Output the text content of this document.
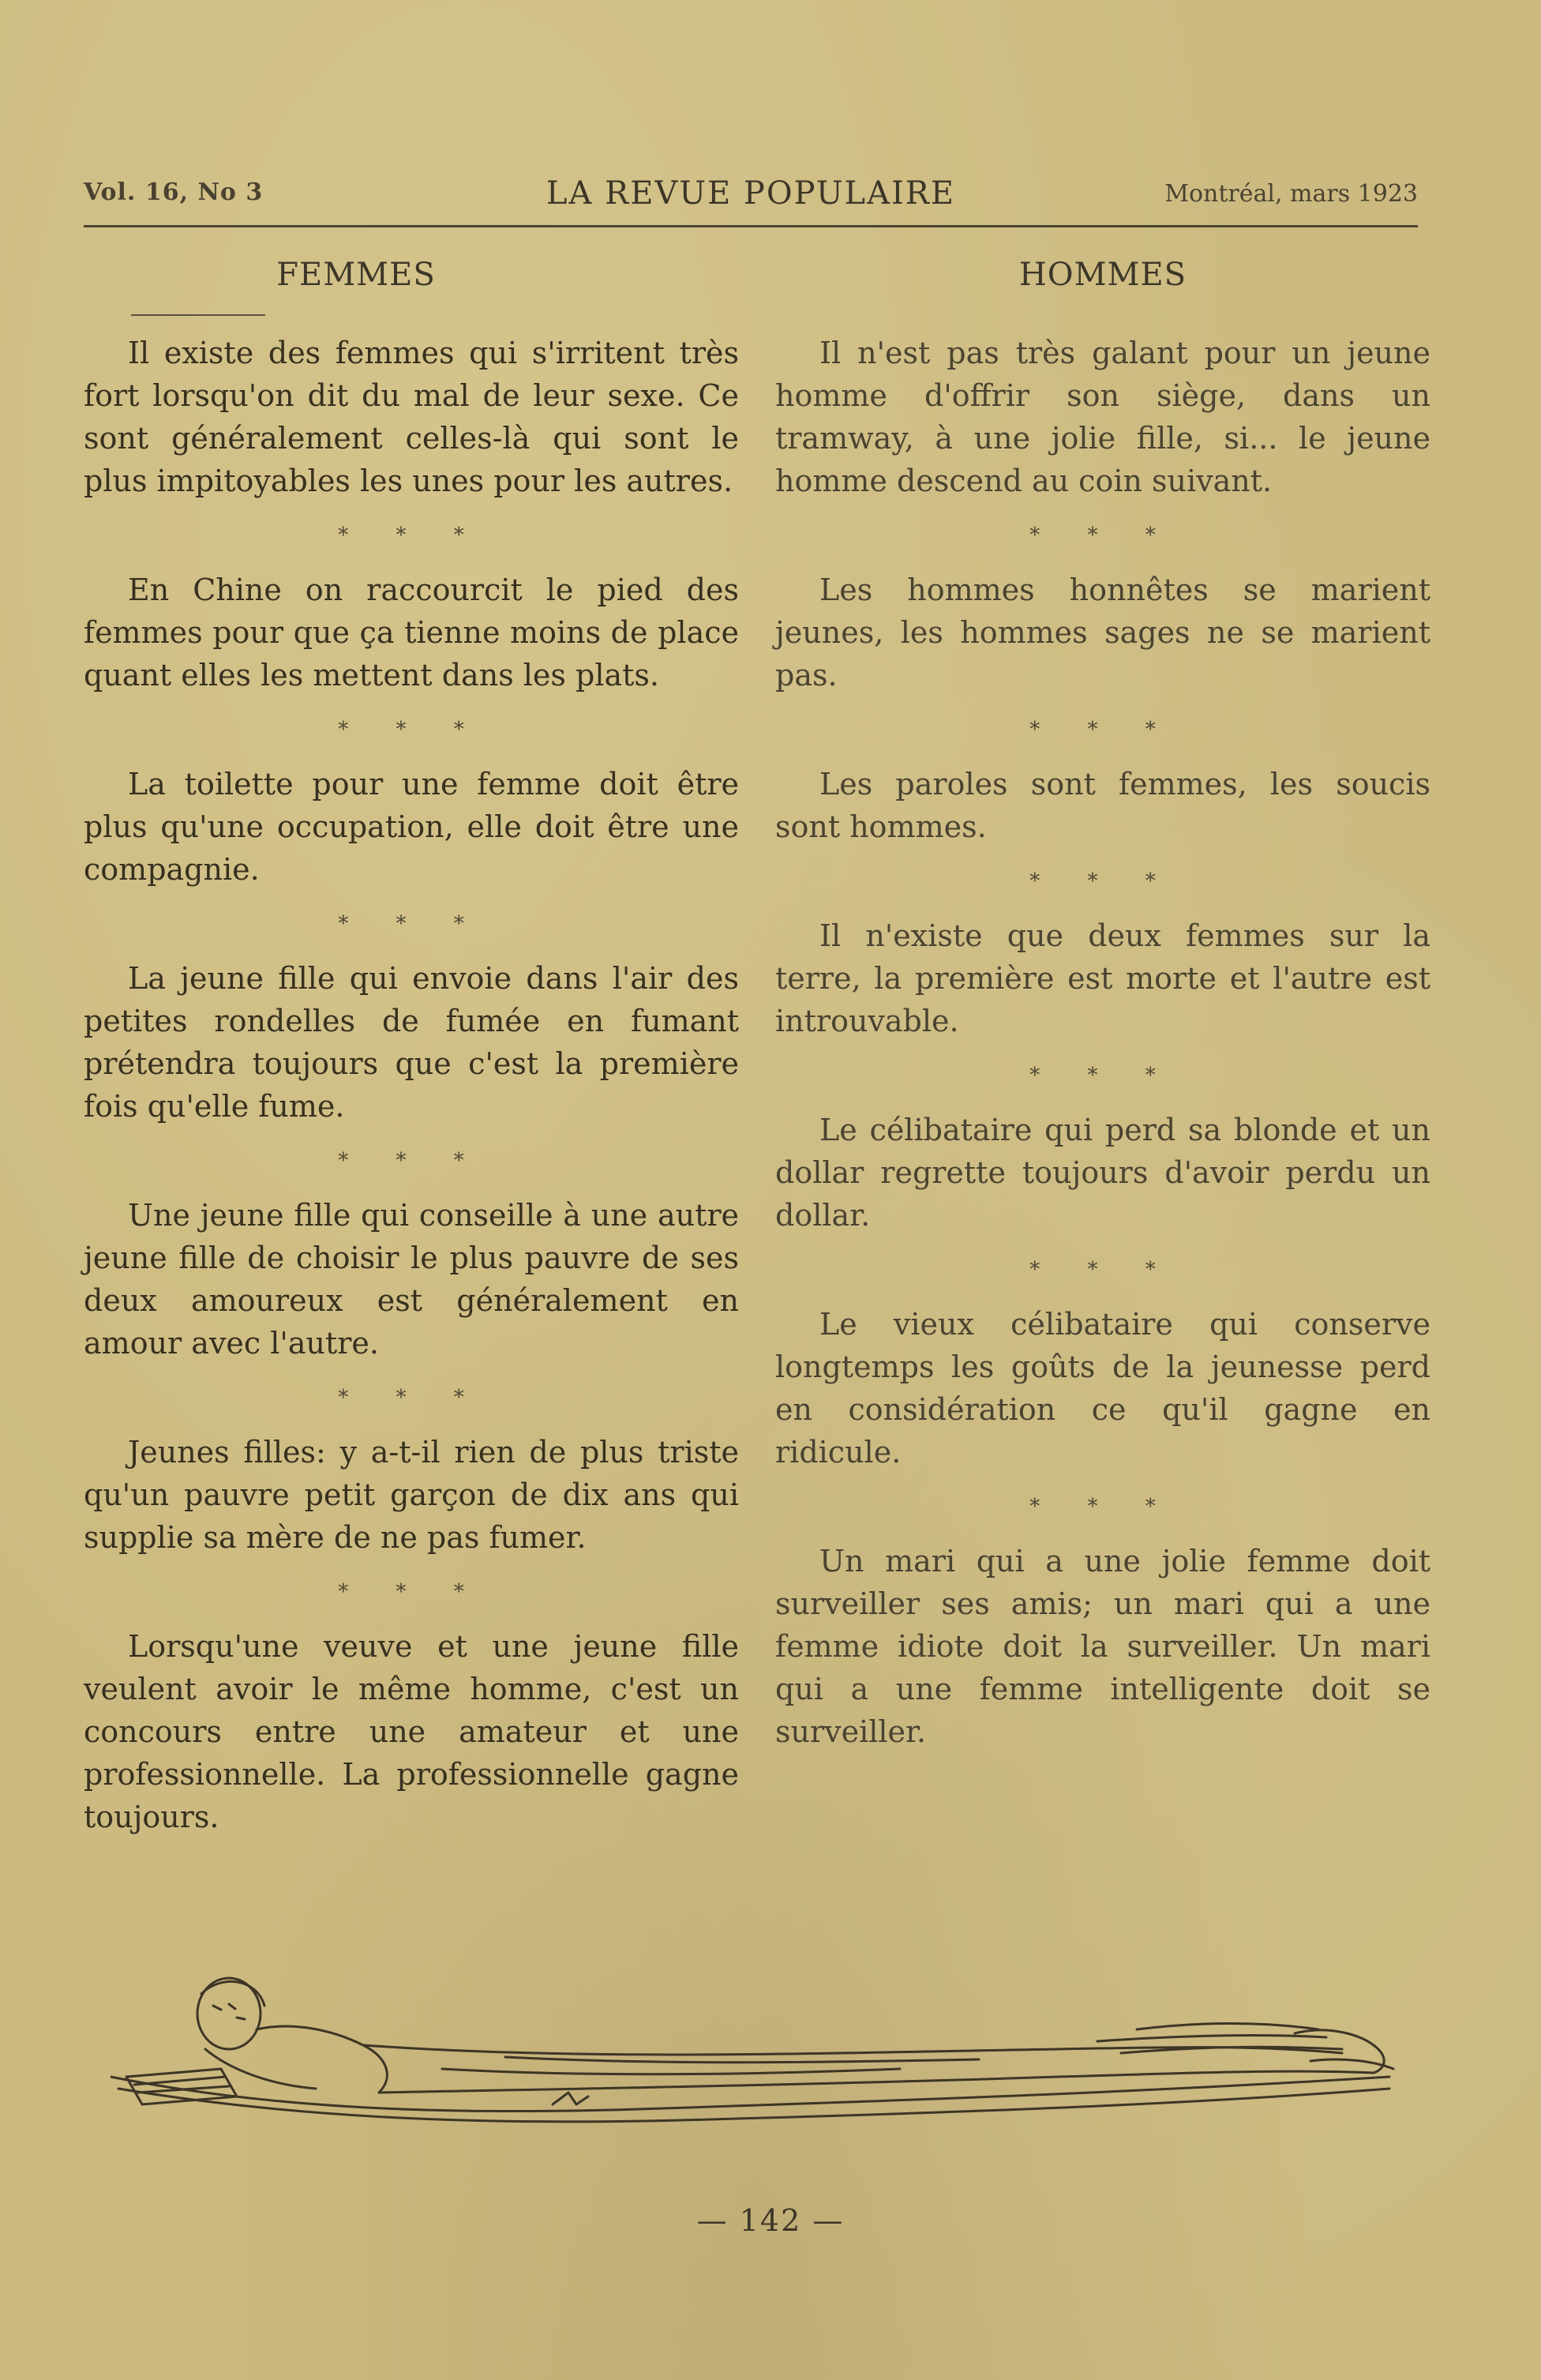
Vol. 16, No 3	LA REVUE POPULAIRE	Montréal, mars 1923
FEMMES

Il existe des femmes qui s'irritent très fort lorsqu'on dit du mal de leur sexe. Ce sont généralement celles-là qui sont le plus impitoyables les unes pour les autres.

* * *

En Chine on raccourcit le pied des femmes pour que ça tienne moins de place quant elles les mettent dans les plats.

* * *

La toilette pour une femme doit être plus qu'une occupation, elle doit être une compagnie.

* * *

La jeune fille qui envoie dans l'air des petites rondelles de fumée en fumant prétendra toujours que c'est la première fois qu'elle fume.

* * *

Une jeune fille qui conseille à une autre jeune fille de choisir le plus pauvre de ses deux amoureux est généralement en amour avec l'autre.

* * *

Jeunes filles: y a-t-il rien de plus triste qu'un pauvre petit garçon de dix ans qui supplie sa mère de ne pas fumer.

* * *

Lorsqu'une veuve et une jeune fille veulent avoir le même homme, c'est un concours entre une amateur et une professionnelle. La professionnelle gagne toujours.

HOMMES

Il n'est pas très galant pour un jeune homme d'offrir son siège, dans un tramway, à une jolie fille, si... le jeune homme descend au coin suivant.

* * *

Les hommes honnêtes se marient jeunes, les hommes sages ne se marient pas.

* * *

Les paroles sont femmes, les soucis sont hommes.

* * *

Il n'existe que deux femmes sur la terre, la première est morte et l'autre est introuvable.

* * *

Le célibataire qui perd sa blonde et un dollar regrette toujours d'avoir perdu un dollar.

* * *

Le vieux célibataire qui conserve longtemps les goûts de la jeunesse perd en considération ce qu'il gagne en ridicule.

* * *

Un mari qui a une jolie femme doit surveiller ses amis; un mari qui a une femme idiote doit la surveiller. Un mari qui a une femme intelligente doit se surveiller.

— 142 —
